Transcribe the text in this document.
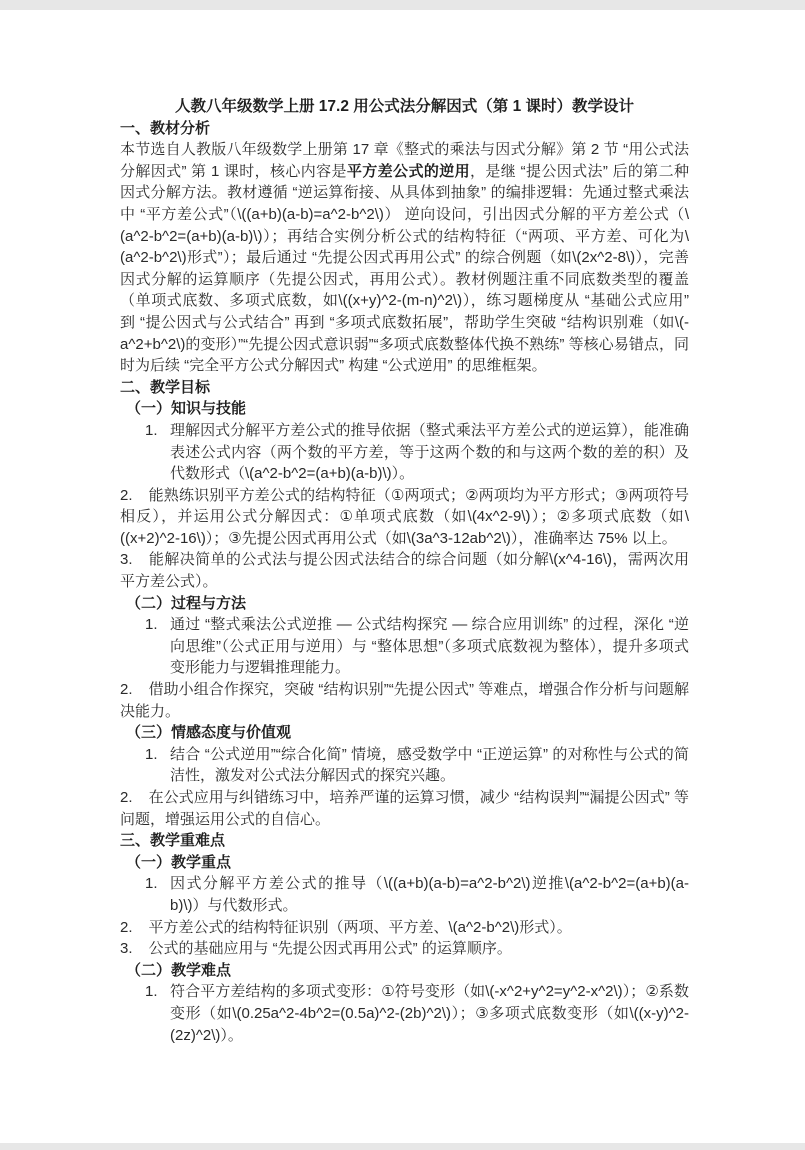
人教八年级数学上册 17.2 用公式法分解因式（第 1 课时）教学设计
一、教材分析

本节选自人教版八年级数学上册第 17 章《整式的乘法与因式分解》第 2 节 “用公式法分解因式” 第 1 课时，核心内容是平方差公式的逆用，是继 “提公因式法” 后的第二种因式分解方法。教材遵循 “逆运算衔接、从具体到抽象” 的编排逻辑：先通过整式乘法中 “平方差公式”（\((a+b)(a-b)=a^2-b^2\)） 逆向设问，引出因式分解的平方差公式（\(a^2-b^2=(a+b)(a-b)\)）；再结合实例分析公式的结构特征（“两项、平方差、可化为\(a^2-b^2\)形式”）；最后通过 “先提公因式再用公式” 的综合例题（如\(2x^2-8\)），完善因式分解的运算顺序（先提公因式，再用公式）。教材例题注重不同底数类型的覆盖（单项式底数、多项式底数，如\((x+y)^2-(m-n)^2\)），练习题梯度从 “基础公式应用” 到 “提公因式与公式结合” 再到 “多项式底数拓展”，帮助学生突破 “结构识别难（如\(-a^2+b^2\)的变形）”“先提公因式意识弱”“多项式底数整体代换不熟练” 等核心易错点，同时为后续 “完全平方公式分解因式” 构建 “公式逆用” 的思维框架。

二、教学目标
（一）知识与技能
1. 理解因式分解平方差公式的推导依据（整式乘法平方差公式的逆运算），能准确表述公式内容（两个数的平方差，等于这两个数的和与这两个数的差的积）及代数形式（\(a^2-b^2=(a+b)(a-b)\)）。

2. 能熟练识别平方差公式的结构特征（①两项式；②两项均为平方形式；③两项符号相反），并运用公式分解因式：①单项式底数（如\(4x^2-9\)）；②多项式底数（如\((x+2)^2-16\)）；③先提公因式再用公式（如\(3a^3-12ab^2\)），准确率达 75% 以上。

3. 能解决简单的公式法与提公因式法结合的综合问题（如分解\(x^4-16\)，需两次用平方差公式）。

（二）过程与方法
1. 通过 “整式乘法公式逆推 — 公式结构探究 — 综合应用训练” 的过程，深化 “逆向思维”（公式正用与逆用）与 “整体思想”（多项式底数视为整体），提升多项式变形能力与逻辑推理能力。

2. 借助小组合作探究，突破 “结构识别”“先提公因式” 等难点，增强合作分析与问题解决能力。

（三）情感态度与价值观
1. 结合 “公式逆用”“综合化简” 情境，感受数学中 “正逆运算” 的对称性与公式的简洁性，激发对公式法分解因式的探究兴趣。

2. 在公式应用与纠错练习中，培养严谨的运算习惯，减少 “结构误判”“漏提公因式” 等问题，增强运用公式的自信心。

三、教学重难点
（一）教学重点
1. 因式分解平方差公式的推导（\((a+b)(a-b)=a^2-b^2\)逆推\(a^2-b^2=(a+b)(a-b)\)）与代数形式。

2. 平方差公式的结构特征识别（两项、平方差、\(a^2-b^2\)形式）。

3. 公式的基础应用与 “先提公因式再用公式” 的运算顺序。

（二）教学难点
1. 符合平方差结构的多项式变形：①符号变形（如\(-x^2+y^2=y^2-x^2\)）；②系数变形（如\(0.25a^2-4b^2=(0.5a)^2-(2b)^2\)）；③多项式底数变形（如\((x-y)^2-(2z)^2\)）。
